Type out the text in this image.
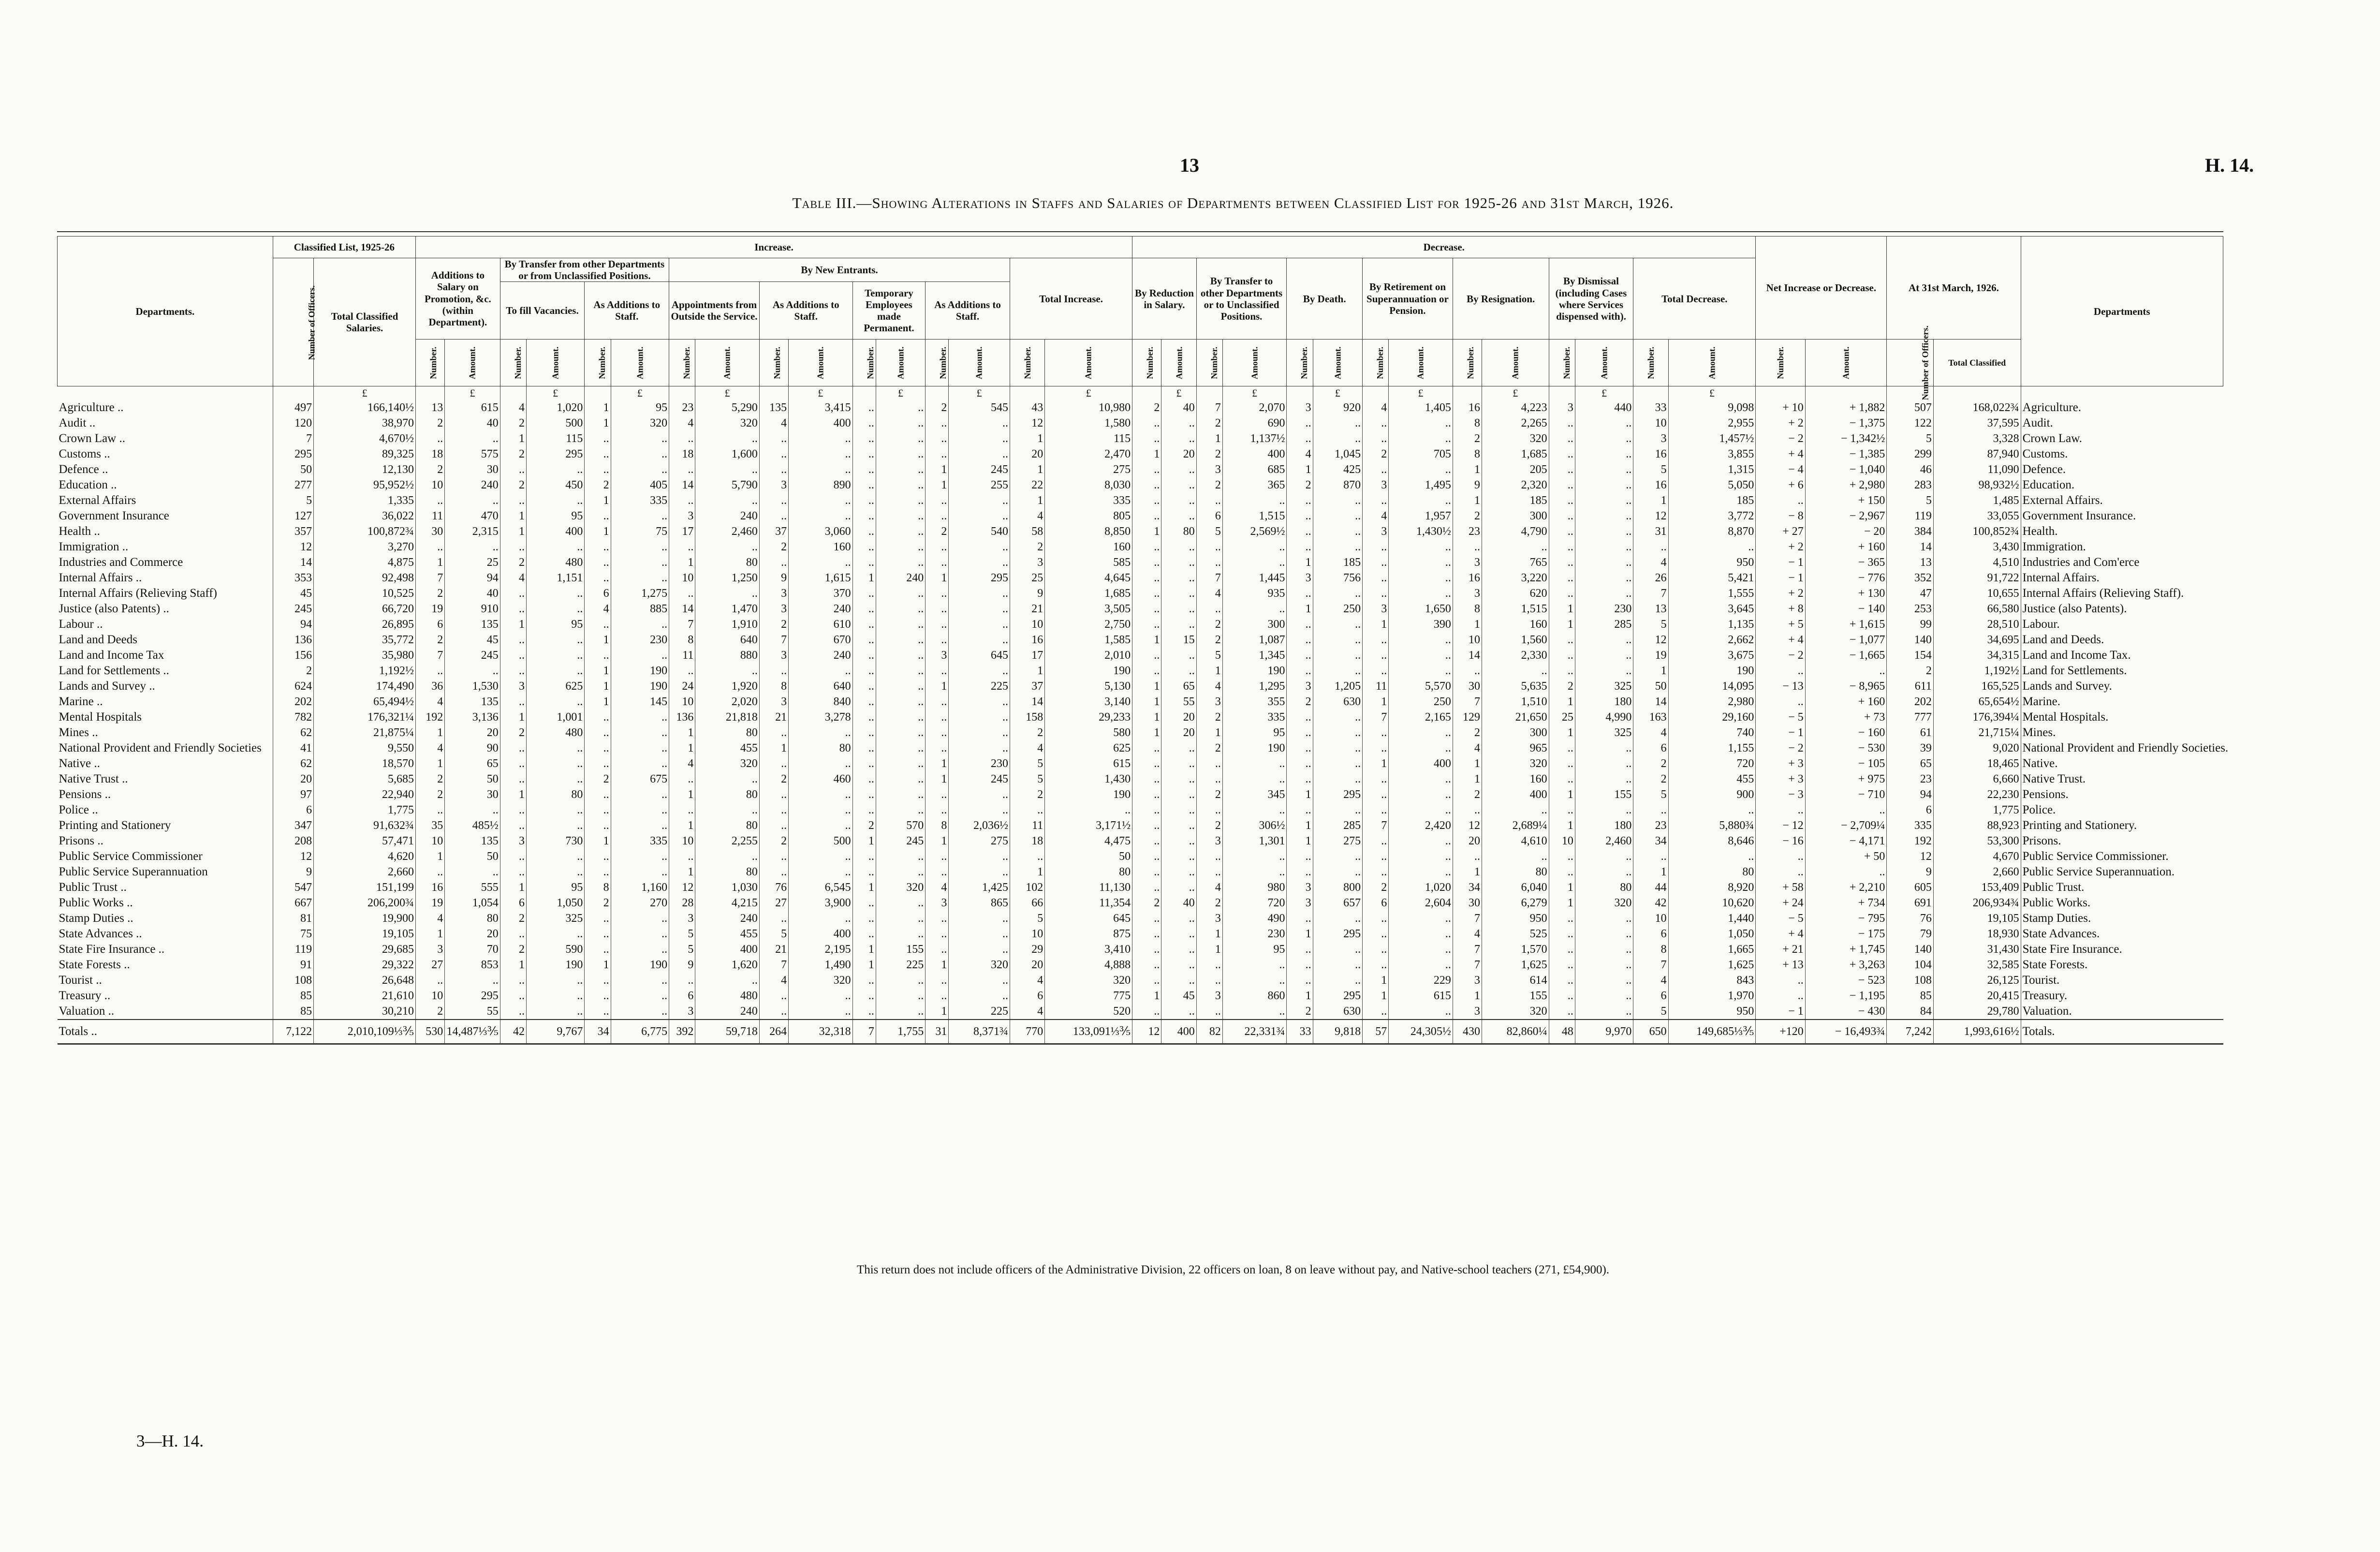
13	H. 14.
Table III.—Showing Alterations in Staffs and Salaries of Departments between Classified List for 1925-26 and 31st March, 1926.
Departments.	Classified List, 1925-26		Increase.																Decrease.														Net Increase or Decrease.		At 31st March, 1926.		Departments
	Number of Officers.	Total Classified Salaries.	Additions to Salary on Promotion, &c. (within Department).		By Transfer from other Departments or from Unclassified Positions.				By New Entrants.								Total Increase.		By Reduction in Salary.		By Transfer to other Departments or to Unclassified Positions.		By Death.		By Retirement on Superannuation or Pension.		By Resignation.		By Dismissal (including Cases where Services dispensed with).		Total Decrease.						
					To fill Vacancies.		As Additions to Staff.		Appointments from Outside the Service.		As Additions to Staff.		Temporary Employees made Permanent.		As Additions to Staff.																						
			Number.	Amount.	Number.	Amount.	Number.	Amount.	Number.	Amount.	Number.	Amount.	Number.	Amount.	Number.	Amount.	Number.	Amount.	Number.	Amount.	Number.	Amount.	Number.	Amount.	Number.	Amount.	Number.	Amount.	Number.	Amount.	Number.	Amount.	Number.	Amount.	Number of Officers.	Total Classified	
		£		£		£		£		£		£		£		£		£		£		£		£		£		£		£		£					
Agriculture ..	497	166,140½	13	615	4	1,020	1	95	23	5,290	135	3,415	..	..	2	545	43	10,980	2	40	7	2,070	3	920	4	1,405	16	4,223	3	440	33	9,098	+ 10	+ 1,882	507	168,022¾	Agriculture.
Audit ..	120	38,970	2	40	2	500	1	320	4	320	4	400	..	..	..	..	12	1,580	..	..	2	690	..	..	..	..	8	2,265	..	..	10	2,955	+ 2	− 1,375	122	37,595	Audit.
Crown Law ..	7	4,670½	..	..	1	115	..	..	..	..	..	..	..	..	..	..	1	115	..	..	1	1,137½	..	..	..	..	2	320	..	..	3	1,457½	− 2	− 1,342½	5	3,328	Crown Law.
Customs ..	295	89,325	18	575	2	295	..	..	18	1,600	..	..	..	..	..	..	20	2,470	1	20	2	400	4	1,045	2	705	8	1,685	..	..	16	3,855	+ 4	− 1,385	299	87,940	Customs.
Defence ..	50	12,130	2	30	..	..	..	..	..	..	..	..	..	..	1	245	1	275	..	..	3	685	1	425	..	..	1	205	..	..	5	1,315	− 4	− 1,040	46	11,090	Defence.
Education ..	277	95,952½	10	240	2	450	2	405	14	5,790	3	890	..	..	1	255	22	8,030	..	..	2	365	2	870	3	1,495	9	2,320	..	..	16	5,050	+ 6	+ 2,980	283	98,932½	Education.
External Affairs	5	1,335	..	..	..	..	1	335	..	..	..	..	..	..	..	..	1	335	..	..	..	..	..	..	..	..	1	185	..	..	1	185	..	+ 150	5	1,485	External Affairs.
Government Insurance	127	36,022	11	470	1	95	..	..	3	240	..	..	..	..	..	..	4	805	..	..	6	1,515	..	..	4	1,957	2	300	..	..	12	3,772	− 8	− 2,967	119	33,055	Government Insurance.
Health ..	357	100,872¾	30	2,315	1	400	1	75	17	2,460	37	3,060	..	..	2	540	58	8,850	1	80	5	2,569½	..	..	3	1,430½	23	4,790	..	..	31	8,870	+ 27	− 20	384	100,852¾	Health.
Immigration ..	12	3,270	..	..	..	..	..	..	..	..	2	160	..	..	..	..	2	160	..	..	..	..	..	..	..	..	..	..	..	..	..	..	+ 2	+ 160	14	3,430	Immigration.
Industries and Commerce	14	4,875	1	25	2	480	..	..	1	80	..	..	..	..	..	..	3	585	..	..	..	..	1	185	..	..	3	765	..	..	4	950	− 1	− 365	13	4,510	Industries and Com'erce
Internal Affairs ..	353	92,498	7	94	4	1,151	..	..	10	1,250	9	1,615	1	240	1	295	25	4,645	..	..	7	1,445	3	756	..	..	16	3,220	..	..	26	5,421	− 1	− 776	352	91,722	Internal Affairs.
Internal Affairs (Relieving Staff)	45	10,525	2	40	..	..	6	1,275	..	..	3	370	..	..	..	..	9	1,685	..	..	4	935	..	..	..	..	3	620	..	..	7	1,555	+ 2	+ 130	47	10,655	Internal Affairs (Relieving Staff).
Justice (also Patents) ..	245	66,720	19	910	..	..	4	885	14	1,470	3	240	..	..	..	..	21	3,505	..	..	..	..	1	250	3	1,650	8	1,515	1	230	13	3,645	+ 8	− 140	253	66,580	Justice (also Patents).
Labour ..	94	26,895	6	135	1	95	..	..	7	1,910	2	610	..	..	..	..	10	2,750	..	..	2	300	..	..	1	390	1	160	1	285	5	1,135	+ 5	+ 1,615	99	28,510	Labour.
Land and Deeds	136	35,772	2	45	..	..	1	230	8	640	7	670	..	..	..	..	16	1,585	1	15	2	1,087	..	..	..	..	10	1,560	..	..	12	2,662	+ 4	− 1,077	140	34,695	Land and Deeds.
Land and Income Tax	156	35,980	7	245	..	..	..	..	11	880	3	240	..	..	3	645	17	2,010	..	..	5	1,345	..	..	..	..	14	2,330	..	..	19	3,675	− 2	− 1,665	154	34,315	Land and Income Tax.
Land for Settlements ..	2	1,192½	..	..	..	..	1	190	..	..	..	..	..	..	..	..	1	190	..	..	1	190	..	..	..	..	..	..	..	..	1	190	..	..	2	1,192½	Land for Settlements.
Lands and Survey ..	624	174,490	36	1,530	3	625	1	190	24	1,920	8	640	..	..	1	225	37	5,130	1	65	4	1,295	3	1,205	11	5,570	30	5,635	2	325	50	14,095	− 13	− 8,965	611	165,525	Lands and Survey.
Marine ..	202	65,494½	4	135	..	..	1	145	10	2,020	3	840	..	..	..	..	14	3,140	1	55	3	355	2	630	1	250	7	1,510	1	180	14	2,980	..	+ 160	202	65,654½	Marine.
Mental Hospitals	782	176,321¼	192	3,136	1	1,001	..	..	136	21,818	21	3,278	..	..	..	..	158	29,233	1	20	2	335	..	..	7	2,165	129	21,650	25	4,990	163	29,160	− 5	+ 73	777	176,394¼	Mental Hospitals.
Mines ..	62	21,875¼	1	20	2	480	..	..	1	80	..	..	..	..	..	..	2	580	1	20	1	95	..	..	..	..	2	300	1	325	4	740	− 1	− 160	61	21,715¼	Mines.
National Provident and Friendly Societies	41	9,550	4	90	..	..	..	..	1	455	1	80	..	..	..	..	4	625	..	..	2	190	..	..	..	..	4	965	..	..	6	1,155	− 2	− 530	39	9,020	National Provident and Friendly Societies.
Native ..	62	18,570	1	65	..	..	..	..	4	320	..	..	..	..	1	230	5	615	..	..	..	..	..	..	1	400	1	320	..	..	2	720	+ 3	− 105	65	18,465	Native.
Native Trust ..	20	5,685	2	50	..	..	2	675	..	..	2	460	..	..	1	245	5	1,430	..	..	..	..	..	..	..	..	1	160	..	..	2	455	+ 3	+ 975	23	6,660	Native Trust.
Pensions ..	97	22,940	2	30	1	80	..	..	1	80	..	..	..	..	..	..	2	190	..	..	2	345	1	295	..	..	2	400	1	155	5	900	− 3	− 710	94	22,230	Pensions.
Police ..	6	1,775	..	..	..	..	..	..	..	..	..	..	..	..	..	..	..	..	..	..	..	..	..	..	..	..	..	..	..	..	..	..	..	..	6	1,775	Police.
Printing and Stationery	347	91,632¾	35	485½	..	..	..	..	1	80	..	..	2	570	8	2,036½	11	3,171½	..	..	2	306½	1	285	7	2,420	12	2,689¼	1	180	23	5,880¾	− 12	− 2,709¼	335	88,923	Printing and Stationery.
Prisons ..	208	57,471	10	135	3	730	1	335	10	2,255	2	500	1	245	1	275	18	4,475	..	..	3	1,301	1	275	..	..	20	4,610	10	2,460	34	8,646	− 16	− 4,171	192	53,300	Prisons.
Public Service Commissioner	12	4,620	1	50	..	..	..	..	..	..	..	..	..	..	..	..	..	50	..	..	..	..	..	..	..	..	..	..	..	..	..	..	..	+ 50	12	4,670	Public Service Commissioner.
Public Service Superannuation	9	2,660	..	..	..	..	..	..	1	80	..	..	..	..	..	..	1	80	..	..	..	..	..	..	..	..	1	80	..	..	1	80	..	..	9	2,660	Public Service Superannuation.
Public Trust ..	547	151,199	16	555	1	95	8	1,160	12	1,030	76	6,545	1	320	4	1,425	102	11,130	..	..	4	980	3	800	2	1,020	34	6,040	1	80	44	8,920	+ 58	+ 2,210	605	153,409	Public Trust.
Public Works ..	667	206,200¾	19	1,054	6	1,050	2	270	28	4,215	27	3,900	..	..	3	865	66	11,354	2	40	2	720	3	657	6	2,604	30	6,279	1	320	42	10,620	+ 24	+ 734	691	206,934¾	Public Works.
Stamp Duties ..	81	19,900	4	80	2	325	..	..	3	240	..	..	..	..	..	..	5	645	..	..	3	490	..	..	..	..	7	950	..	..	10	1,440	− 5	− 795	76	19,105	Stamp Duties.
State Advances ..	75	19,105	1	20	..	..	..	..	5	455	5	400	..	..	..	..	10	875	..	..	1	230	1	295	..	..	4	525	..	..	6	1,050	+ 4	− 175	79	18,930	State Advances.
State Fire Insurance ..	119	29,685	3	70	2	590	..	..	5	400	21	2,195	1	155	..	..	29	3,410	..	..	1	95	..	..	..	..	7	1,570	..	..	8	1,665	+ 21	+ 1,745	140	31,430	State Fire Insurance.
State Forests ..	91	29,322	27	853	1	190	1	190	9	1,620	7	1,490	1	225	1	320	20	4,888	..	..	..	..	..	..	..	..	7	1,625	..	..	7	1,625	+ 13	+ 3,263	104	32,585	State Forests.
Tourist ..	108	26,648	..	..	..	..	..	..	..	..	4	320	..	..	..	..	4	320	..	..	..	..	..	..	1	229	3	614	..	..	4	843	..	− 523	108	26,125	Tourist.
Treasury ..	85	21,610	10	295	..	..	..	..	6	480	..	..	..	..	..	..	6	775	1	45	3	860	1	295	1	615	1	155	..	..	6	1,970	..	− 1,195	85	20,415	Treasury.
Valuation ..	85	30,210	2	55	..	..	..	..	3	240	..	..	..	..	1	225	4	520	..	..	..	..	2	630	..	..	3	320	..	..	5	950	− 1	− 430	84	29,780	Valuation.
Totals ..	7,122	2,010,109⅓⅗	530	14,487⅓⅗	42	9,767	34	6,775	392	59,718	264	32,318	7	1,755	31	8,371¾	770	133,091⅓⅗	12	400	82	22,331¾	33	9,818	57	24,305½	430	82,860¼	48	9,970	650	149,685⅓⅗	+120	− 16,493¾	7,242	1,993,616½	Totals.
This return does not include officers of the Administrative Division, 22 officers on loan, 8 on leave without pay, and Native-school teachers (271, £54,900).
3—H. 14.
